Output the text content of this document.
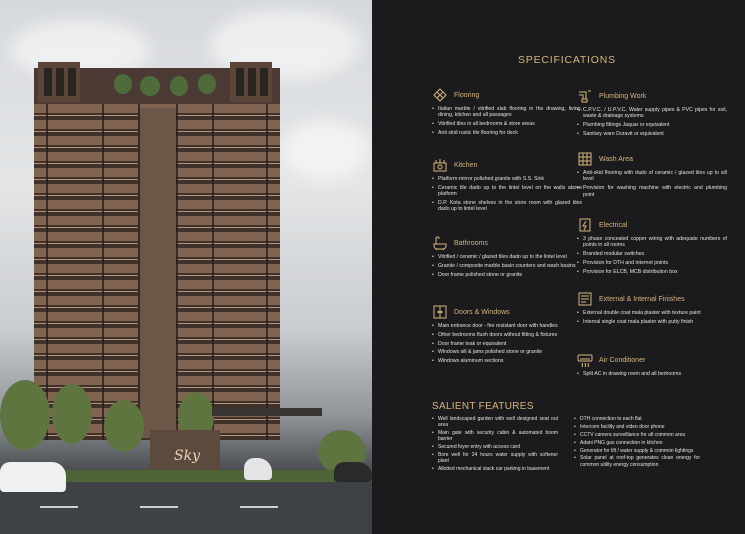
Sky
SPECIFICATIONS
Flooring
• Italian marble / vitrified slab flooring in the drawing, living, dining, kitchen and all passages
• Vitrified tiles in all bedrooms & store areas
• Anti skid rustic tile flooring for deck
Kitchen
• Platform-mirror polished granite with S.S. Sink
• Ceramic tile dado up to the lintel level on the walls above platform
• D.P. Kota stone shelves in the store room with glazed tiles dado up to lintel level
Bathrooms
• Vitrified / ceramic / glazed tiles dado up to the lintel level
• Granite / composite marble basin counters and wash basins
• Door frame polished stone or granite
Doors & Windows
• Main entrance door - fire resistant door with handles
• Other bedrooms flush doors without fitting & fixtures
• Door frame teak or equivalent
• Windows sill & jams polished stone or granite
• Windows aluminum sections
Plumbing Work
• C.P.V.C. / U.P.V.C. Water supply pipes & PVC pipes for soil, waste & drainage systems
• Plumbing fittings Jaquar or equivalent
• Sanitary ware Duravit or equivalent
Wash Area
• Anti-skid flooring with dado of ceramic / glazed tiles up to sill level
• Provision for washing machine with electric and plumbing point
Electrical
• 3 phase concealed copper wiring with adequate numbers of points in all rooms
• Branded modular switches
• Provision for DTH and internet points
• Provision for ELCB, MCB distribution box
External & Internal Finishes
• External double coat mala plaster with texture paint
• Internal single coat mala plaster with putty finish
Air Conditioner
• Split AC in drawing room and all bedrooms
SALIENT FEATURES
• Well landscaped garden with well designed seat out area
• Main gate with security cabin & automated boom barrier
• Secured foyer entry with access card
• Bore well for 24 hours water supply with softener plant
• Allotted mechanical stack car parking in basement
• DTH connection to each flat
• Intercom facility and video door phone
• CCTV camera surveillance for all common area
• Adani PNG gas connection in kitchen
• Generator for lift / water supply & common lightings
• Solar panel at roof-top generates clean energy for common utility energy consumption
